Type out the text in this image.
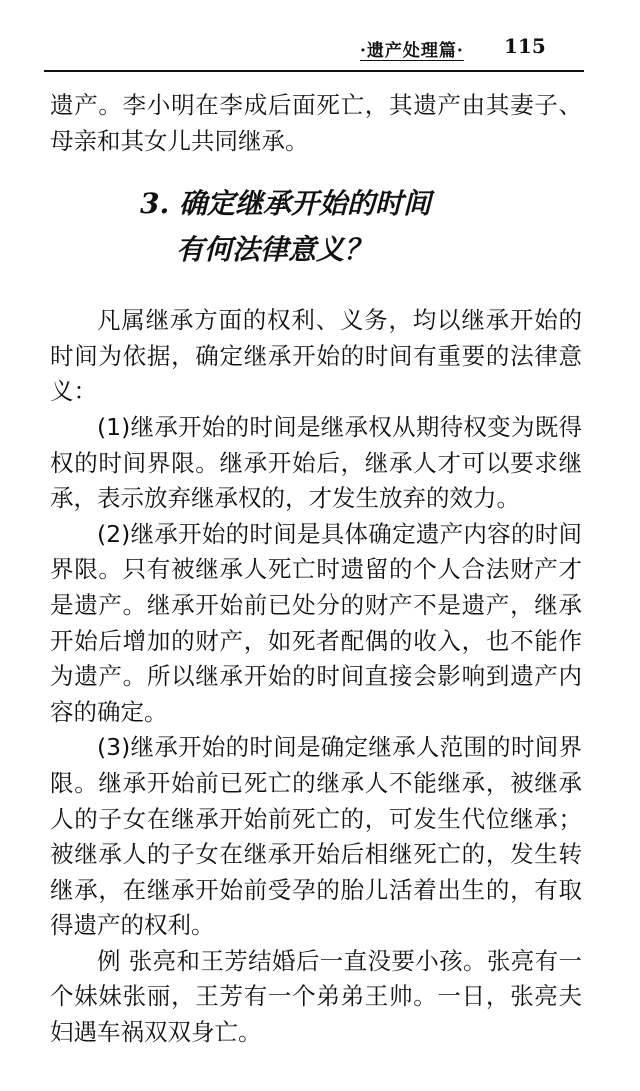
·遗产处理篇· 115

遗产。李小明在李成后面死亡，其遗产由其妻子、母亲和其女儿共同继承。

3. 确定继承开始的时间
有何法律意义？

凡属继承方面的权利、义务，均以继承开始的时间为依据，确定继承开始的时间有重要的法律意义：

(1)继承开始的时间是继承权从期待权变为既得权的时间界限。继承开始后，继承人才可以要求继承，表示放弃继承权的，才发生放弃的效力。

(2)继承开始的时间是具体确定遗产内容的时间界限。只有被继承人死亡时遗留的个人合法财产才是遗产。继承开始前已处分的财产不是遗产，继承开始后增加的财产，如死者配偶的收入，也不能作为遗产。所以继承开始的时间直接会影响到遗产内容的确定。

(3)继承开始的时间是确定继承人范围的时间界限。继承开始前已死亡的继承人不能继承，被继承人的子女在继承开始前死亡的，可发生代位继承；被继承人的子女在继承开始后相继死亡的，发生转继承，在继承开始前受孕的胎儿活着出生的，有取得遗产的权利。

例 张亮和王芳结婚后一直没要小孩。张亮有一个妹妹张丽，王芳有一个弟弟王帅。一日，张亮夫妇遇车祸双双身亡。
